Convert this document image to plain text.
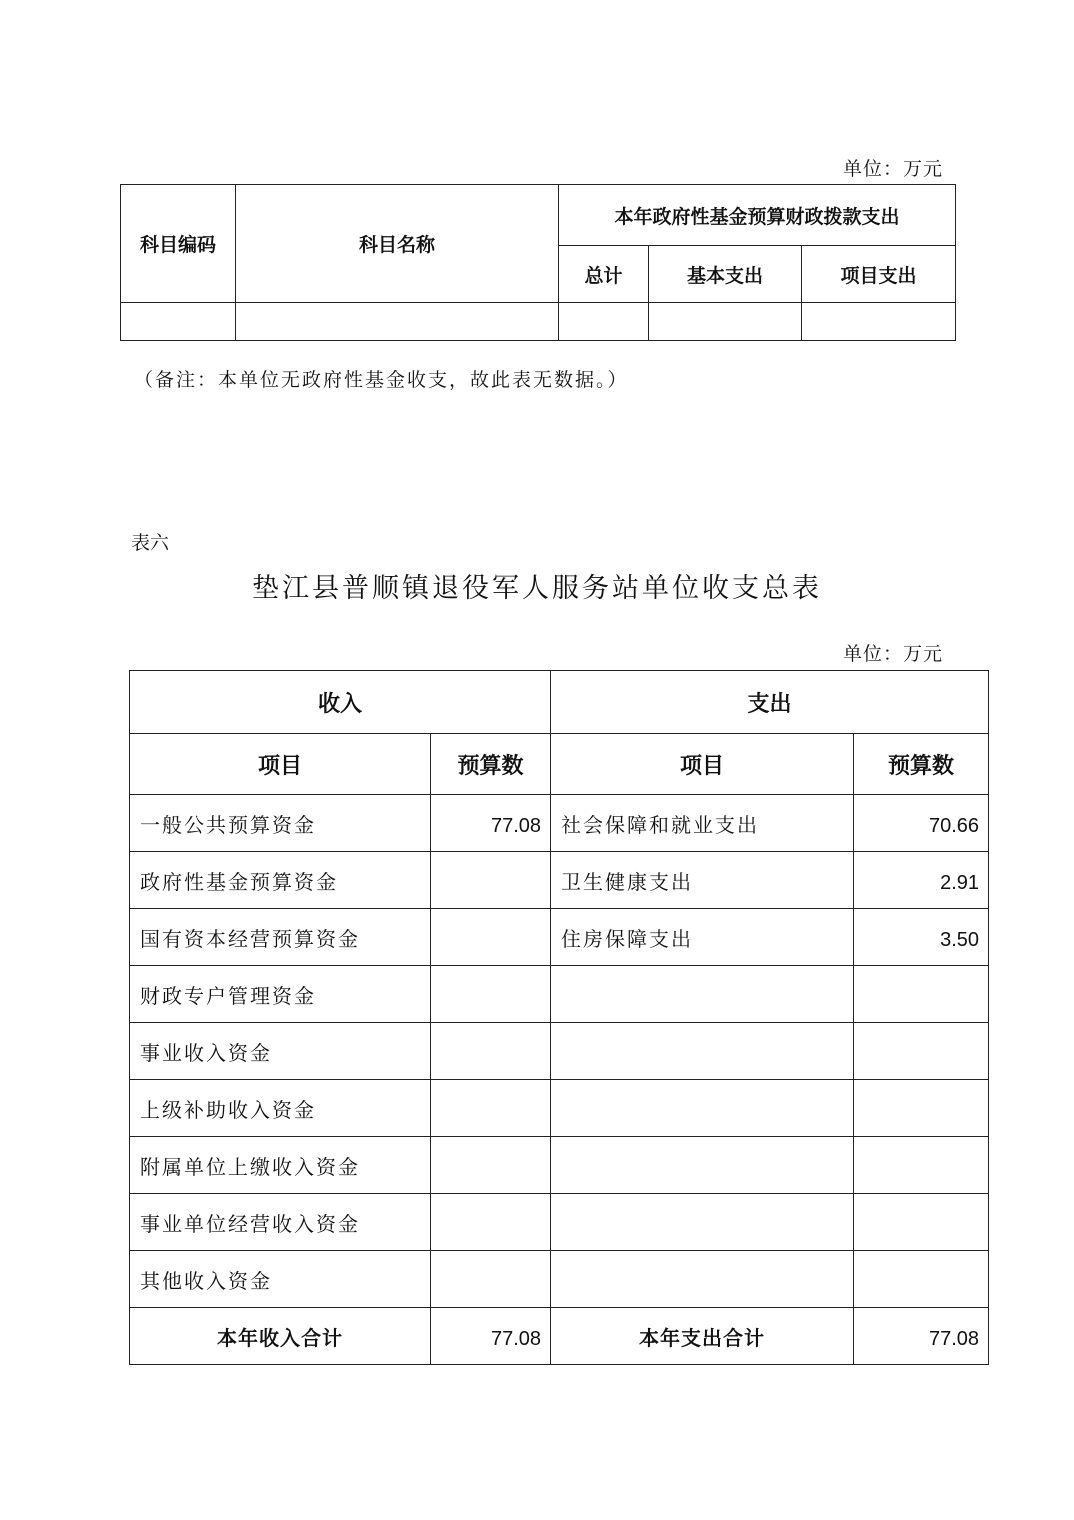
单位：万元
科目编码	科目名称	本年政府性基金预算财政拨款支出		
		总计	基本支出	项目支出

（备注：本单位无政府性基金收支，故此表无数据。）
表六
垫江县普顺镇退役军人服务站单位收支总表
单位：万元
收入		支出	
项目	预算数	项目	预算数
一般公共预算资金	77.08	社会保障和就业支出	70.66
政府性基金预算资金		卫生健康支出	2.91
国有资本经营预算资金		住房保障支出	3.50
财政专户管理资金			
事业收入资金			
上级补助收入资金			
附属单位上缴收入资金			
事业单位经营收入资金			
其他收入资金			
本年收入合计	77.08	本年支出合计	77.08
